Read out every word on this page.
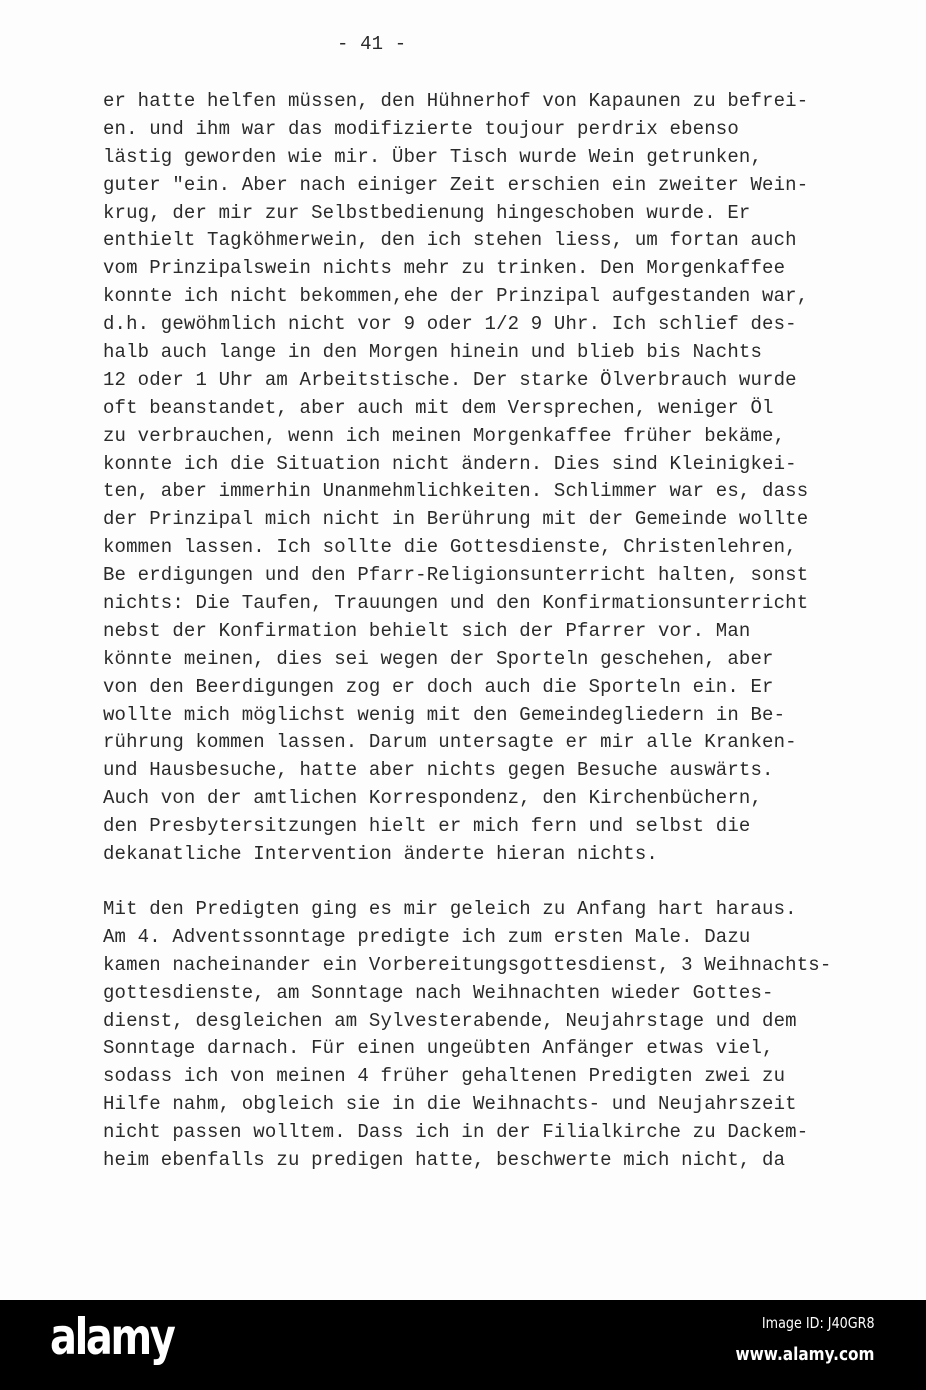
- 41 -
er hatte helfen müssen, den Hühnerhof von Kapaunen zu befrei-
en. und ihm war das modifizierte toujour perdrix ebenso
lästig geworden wie mir. Über Tisch wurde Wein getrunken,
guter "ein. Aber nach einiger Zeit erschien ein zweiter Wein-
krug, der mir zur Selbstbedienung hingeschoben wurde. Er
enthielt Tagköhmerwein, den ich stehen liess, um fortan auch
vom Prinzipalswein nichts mehr zu trinken. Den Morgenkaffee
konnte ich nicht bekommen,ehe der Prinzipal aufgestanden war,
d.h. gewöhmlich nicht vor 9 oder 1/2 9 Uhr. Ich schlief des-
halb auch lange in den Morgen hinein und blieb bis Nachts
12 oder 1 Uhr am Arbeitstische. Der starke Ölverbrauch wurde
oft beanstandet, aber auch mit dem Versprechen, weniger Öl
zu verbrauchen, wenn ich meinen Morgenkaffee früher bekäme,
konnte ich die Situation nicht ändern. Dies sind Kleinigkei-
ten, aber immerhin Unanmehmlichkeiten. Schlimmer war es, dass
der Prinzipal mich nicht in Berührung mit der Gemeinde wollte
kommen lassen. Ich sollte die Gottesdienste, Christenlehren,
Be erdigungen und den Pfarr-Religionsunterricht halten, sonst
nichts: Die Taufen, Trauungen und den Konfirmationsunterricht
nebst der Konfirmation behielt sich der Pfarrer vor. Man
könnte meinen, dies sei wegen der Sporteln geschehen, aber
von den Beerdigungen zog er doch auch die Sporteln ein. Er
wollte mich möglichst wenig mit den Gemeindegliedern in Be-
rührung kommen lassen. Darum untersagte er mir alle Kranken-
und Hausbesuche, hatte aber nichts gegen Besuche auswärts.
Auch von der amtlichen Korrespondenz, den Kirchenbüchern,
den Presbytersitzungen hielt er mich fern und selbst die
dekanatliche Intervention änderte hieran nichts.
Mit den Predigten ging es mir geleich zu Anfang hart haraus.
Am 4. Adventssonntage predigte ich zum ersten Male. Dazu
kamen nacheinander ein Vorbereitungsgottesdienst, 3 Weihnachts-
gottesdienste, am Sonntage nach Weihnachten wieder Gottes-
dienst, desgleichen am Sylvesterabende, Neujahrstage und dem
Sonntage darnach. Für einen ungeübten Anfänger etwas viel,
sodass ich von meinen 4 früher gehaltenen Predigten zwei zu
Hilfe nahm, obgleich sie in die Weihnachts- und Neujahrszeit
nicht passen wolltem. Dass ich in der Filialkirche zu Dackem-
heim ebenfalls zu predigen hatte, beschwerte mich nicht, da
alamy	Image ID: J40GR8
www.alamy.com
